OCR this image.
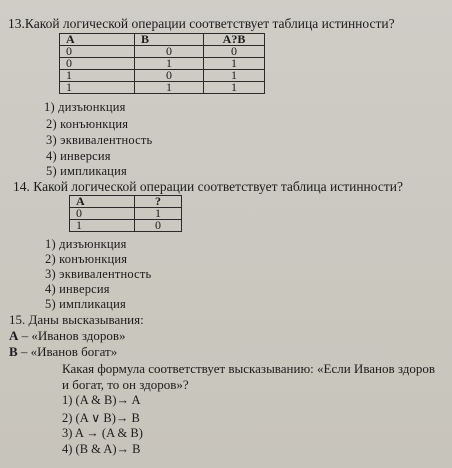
13.Какой логической операции соответствует таблица истинности?
A	B	A?B
0	0	0
0	1	1
1	0	1
1	1	1
1) дизъюнкция
2) конъюнкция
3) эквивалентность
4) инверсия
5) импликация
14. Какой логической операции соответствует таблица истинности?
A	?
0	1
1	0
1) дизъюнкция
2) конъюнкция
3) эквивалентность
4) инверсия
5) импликация
15. Даны высказывания:
А – «Иванов здоров»
В – «Иванов богат»
Какая формула соответствует высказыванию: «Если Иванов здоров
и богат, то он здоров»?
1) (A & B)→ A
2) (A ∨ B)→ B
3) A → (A & B)
4) (B & A)→ B
